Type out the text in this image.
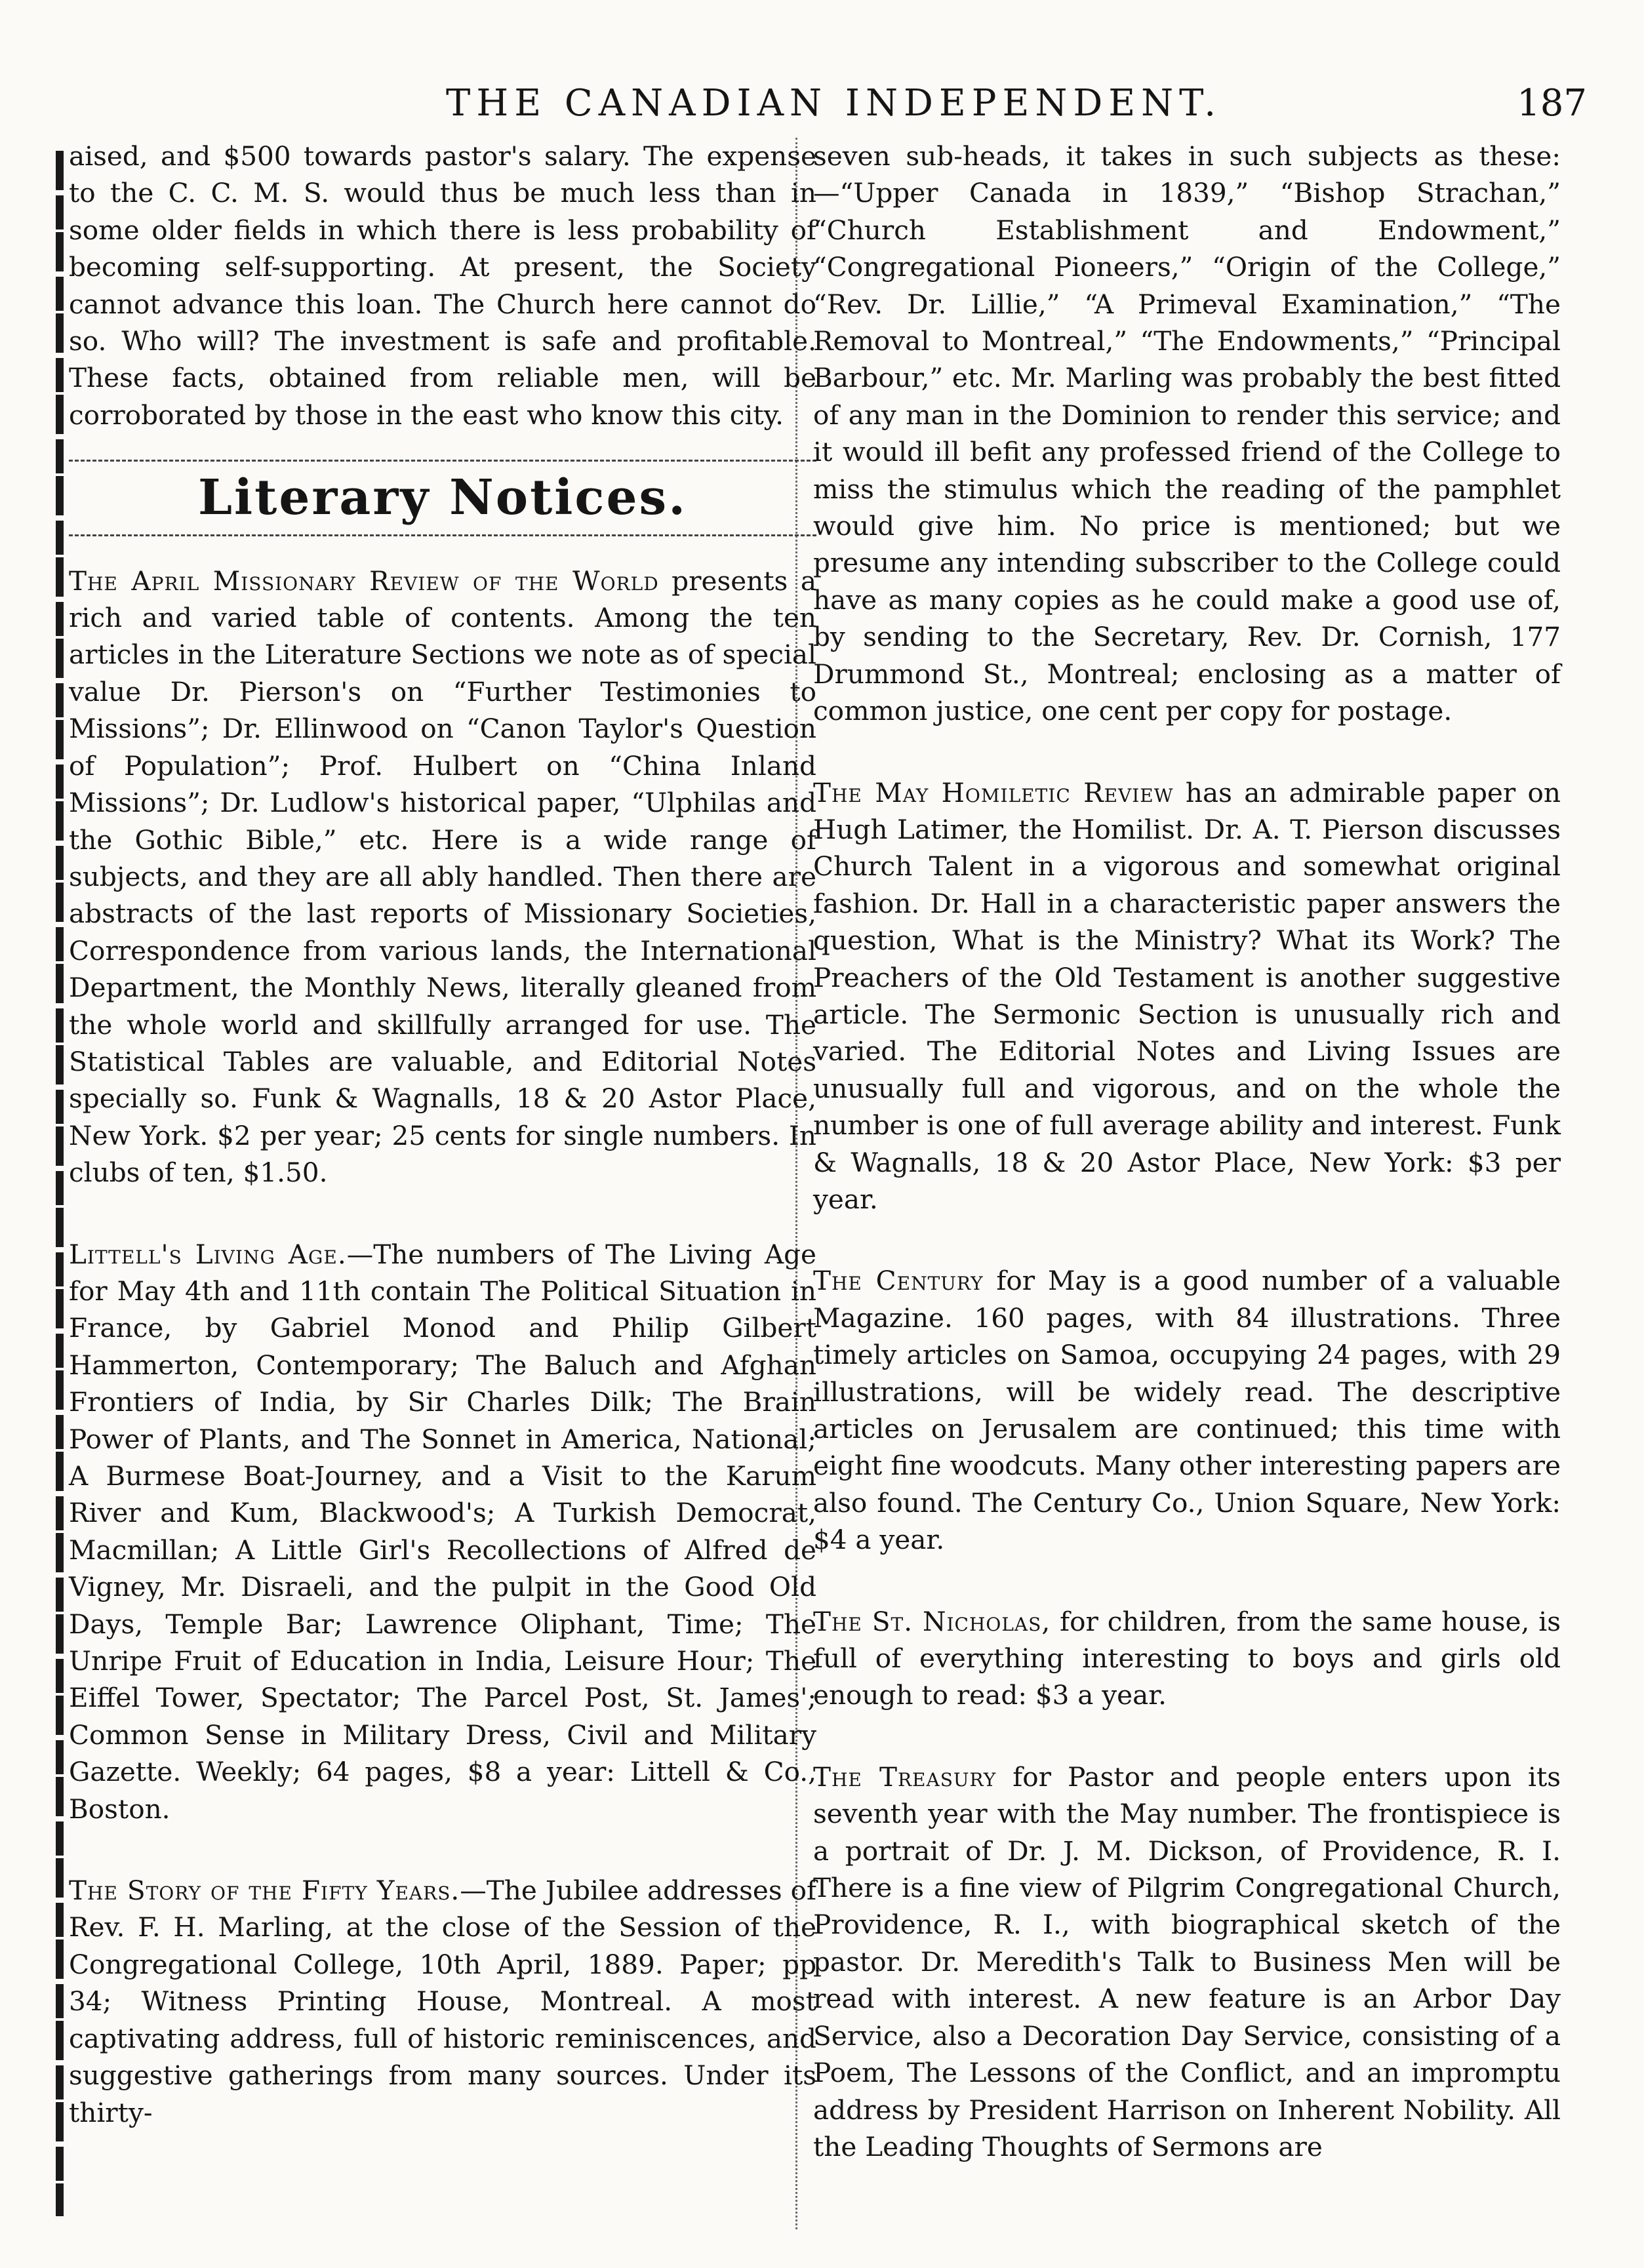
THE CANADIAN INDEPENDENT.	187

aised, and $500 towards pastor's salary. The expense to the C. C. M. S. would thus be much less than in some older fields in which there is less probability of becoming self-supporting. At present, the Society cannot advance this loan. The Church here cannot do so. Who will? The investment is safe and profitable. These facts, obtained from reliable men, will be corroborated by those in the east who know this city.

Literary Notices.

The April Missionary Review of the World presents a rich and varied table of contents. Among the ten articles in the Literature Sections we note as of special value Dr. Pierson's on “Further Testimonies to Missions”; Dr. Ellinwood on “Canon Taylor's Question of Population”; Prof. Hulbert on “China Inland Missions”; Dr. Ludlow's historical paper, “Ulphilas and the Gothic Bible,” etc. Here is a wide range of subjects, and they are all ably handled. Then there are abstracts of the last reports of Missionary Societies, Correspondence from various lands, the International Department, the Monthly News, literally gleaned from the whole world and skillfully arranged for use. The Statistical Tables are valuable, and Editorial Notes specially so. Funk & Wagnalls, 18 & 20 Astor Place, New York. $2 per year; 25 cents for single numbers. In clubs of ten, $1.50.

Littell's Living Age.—The numbers of The Living Age for May 4th and 11th contain The Political Situation in France, by Gabriel Monod and Philip Gilbert Hammerton, Contemporary; The Baluch and Afghan Frontiers of India, by Sir Charles Dilk; The Brain Power of Plants, and The Sonnet in America, National; A Burmese Boat-Journey, and a Visit to the Karum River and Kum, Blackwood's; A Turkish Democrat, Macmillan; A Little Girl's Recollections of Alfred de Vigney, Mr. Disraeli, and the pulpit in the Good Old Days, Temple Bar; Lawrence Oliphant, Time; The Unripe Fruit of Education in India, Leisure Hour; The Eiffel Tower, Spectator; The Parcel Post, St. James'; Common Sense in Military Dress, Civil and Military Gazette. Weekly; 64 pages, $8 a year: Littell & Co., Boston.

The Story of the Fifty Years.—The Jubilee addresses of Rev. F. H. Marling, at the close of the Session of the Congregational College, 10th April, 1889. Paper; pp 34; Witness Printing House, Montreal. A most captivating address, full of historic reminiscences, and suggestive gatherings from many sources. Under its thirty-

seven sub-heads, it takes in such subjects as these:—“Upper Canada in 1839,” “Bishop Strachan,” “Church Establishment and Endowment,” “Congregational Pioneers,” “Origin of the College,” “Rev. Dr. Lillie,” “A Primeval Examination,” “The Removal to Montreal,” “The Endowments,” “Principal Barbour,” etc. Mr. Marling was probably the best fitted of any man in the Dominion to render this service; and it would ill befit any professed friend of the College to miss the stimulus which the reading of the pamphlet would give him. No price is mentioned; but we presume any intending subscriber to the College could have as many copies as he could make a good use of, by sending to the Secretary, Rev. Dr. Cornish, 177 Drummond St., Montreal; enclosing as a matter of common justice, one cent per copy for postage.

The May Homiletic Review has an admirable paper on Hugh Latimer, the Homilist. Dr. A. T. Pierson discusses Church Talent in a vigorous and somewhat original fashion. Dr. Hall in a characteristic paper answers the question, What is the Ministry? What its Work? The Preachers of the Old Testament is another suggestive article. The Sermonic Section is unusually rich and varied. The Editorial Notes and Living Issues are unusually full and vigorous, and on the whole the number is one of full average ability and interest. Funk & Wagnalls, 18 & 20 Astor Place, New York: $3 per year.

The Century for May is a good number of a valuable Magazine. 160 pages, with 84 illustrations. Three timely articles on Samoa, occupying 24 pages, with 29 illustrations, will be widely read. The descriptive articles on Jerusalem are continued; this time with eight fine woodcuts. Many other interesting papers are also found. The Century Co., Union Square, New York: $4 a year.

The St. Nicholas, for children, from the same house, is full of everything interesting to boys and girls old enough to read: $3 a year.

The Treasury for Pastor and people enters upon its seventh year with the May number. The frontispiece is a portrait of Dr. J. M. Dickson, of Providence, R. I. There is a fine view of Pilgrim Congregational Church, Providence, R. I., with biographical sketch of the pastor. Dr. Meredith's Talk to Business Men will be read with interest. A new feature is an Arbor Day Service, also a Decoration Day Service, consisting of a Poem, The Lessons of the Conflict, and an impromptu address by President Harrison on Inherent Nobility. All the Leading Thoughts of Sermons are
